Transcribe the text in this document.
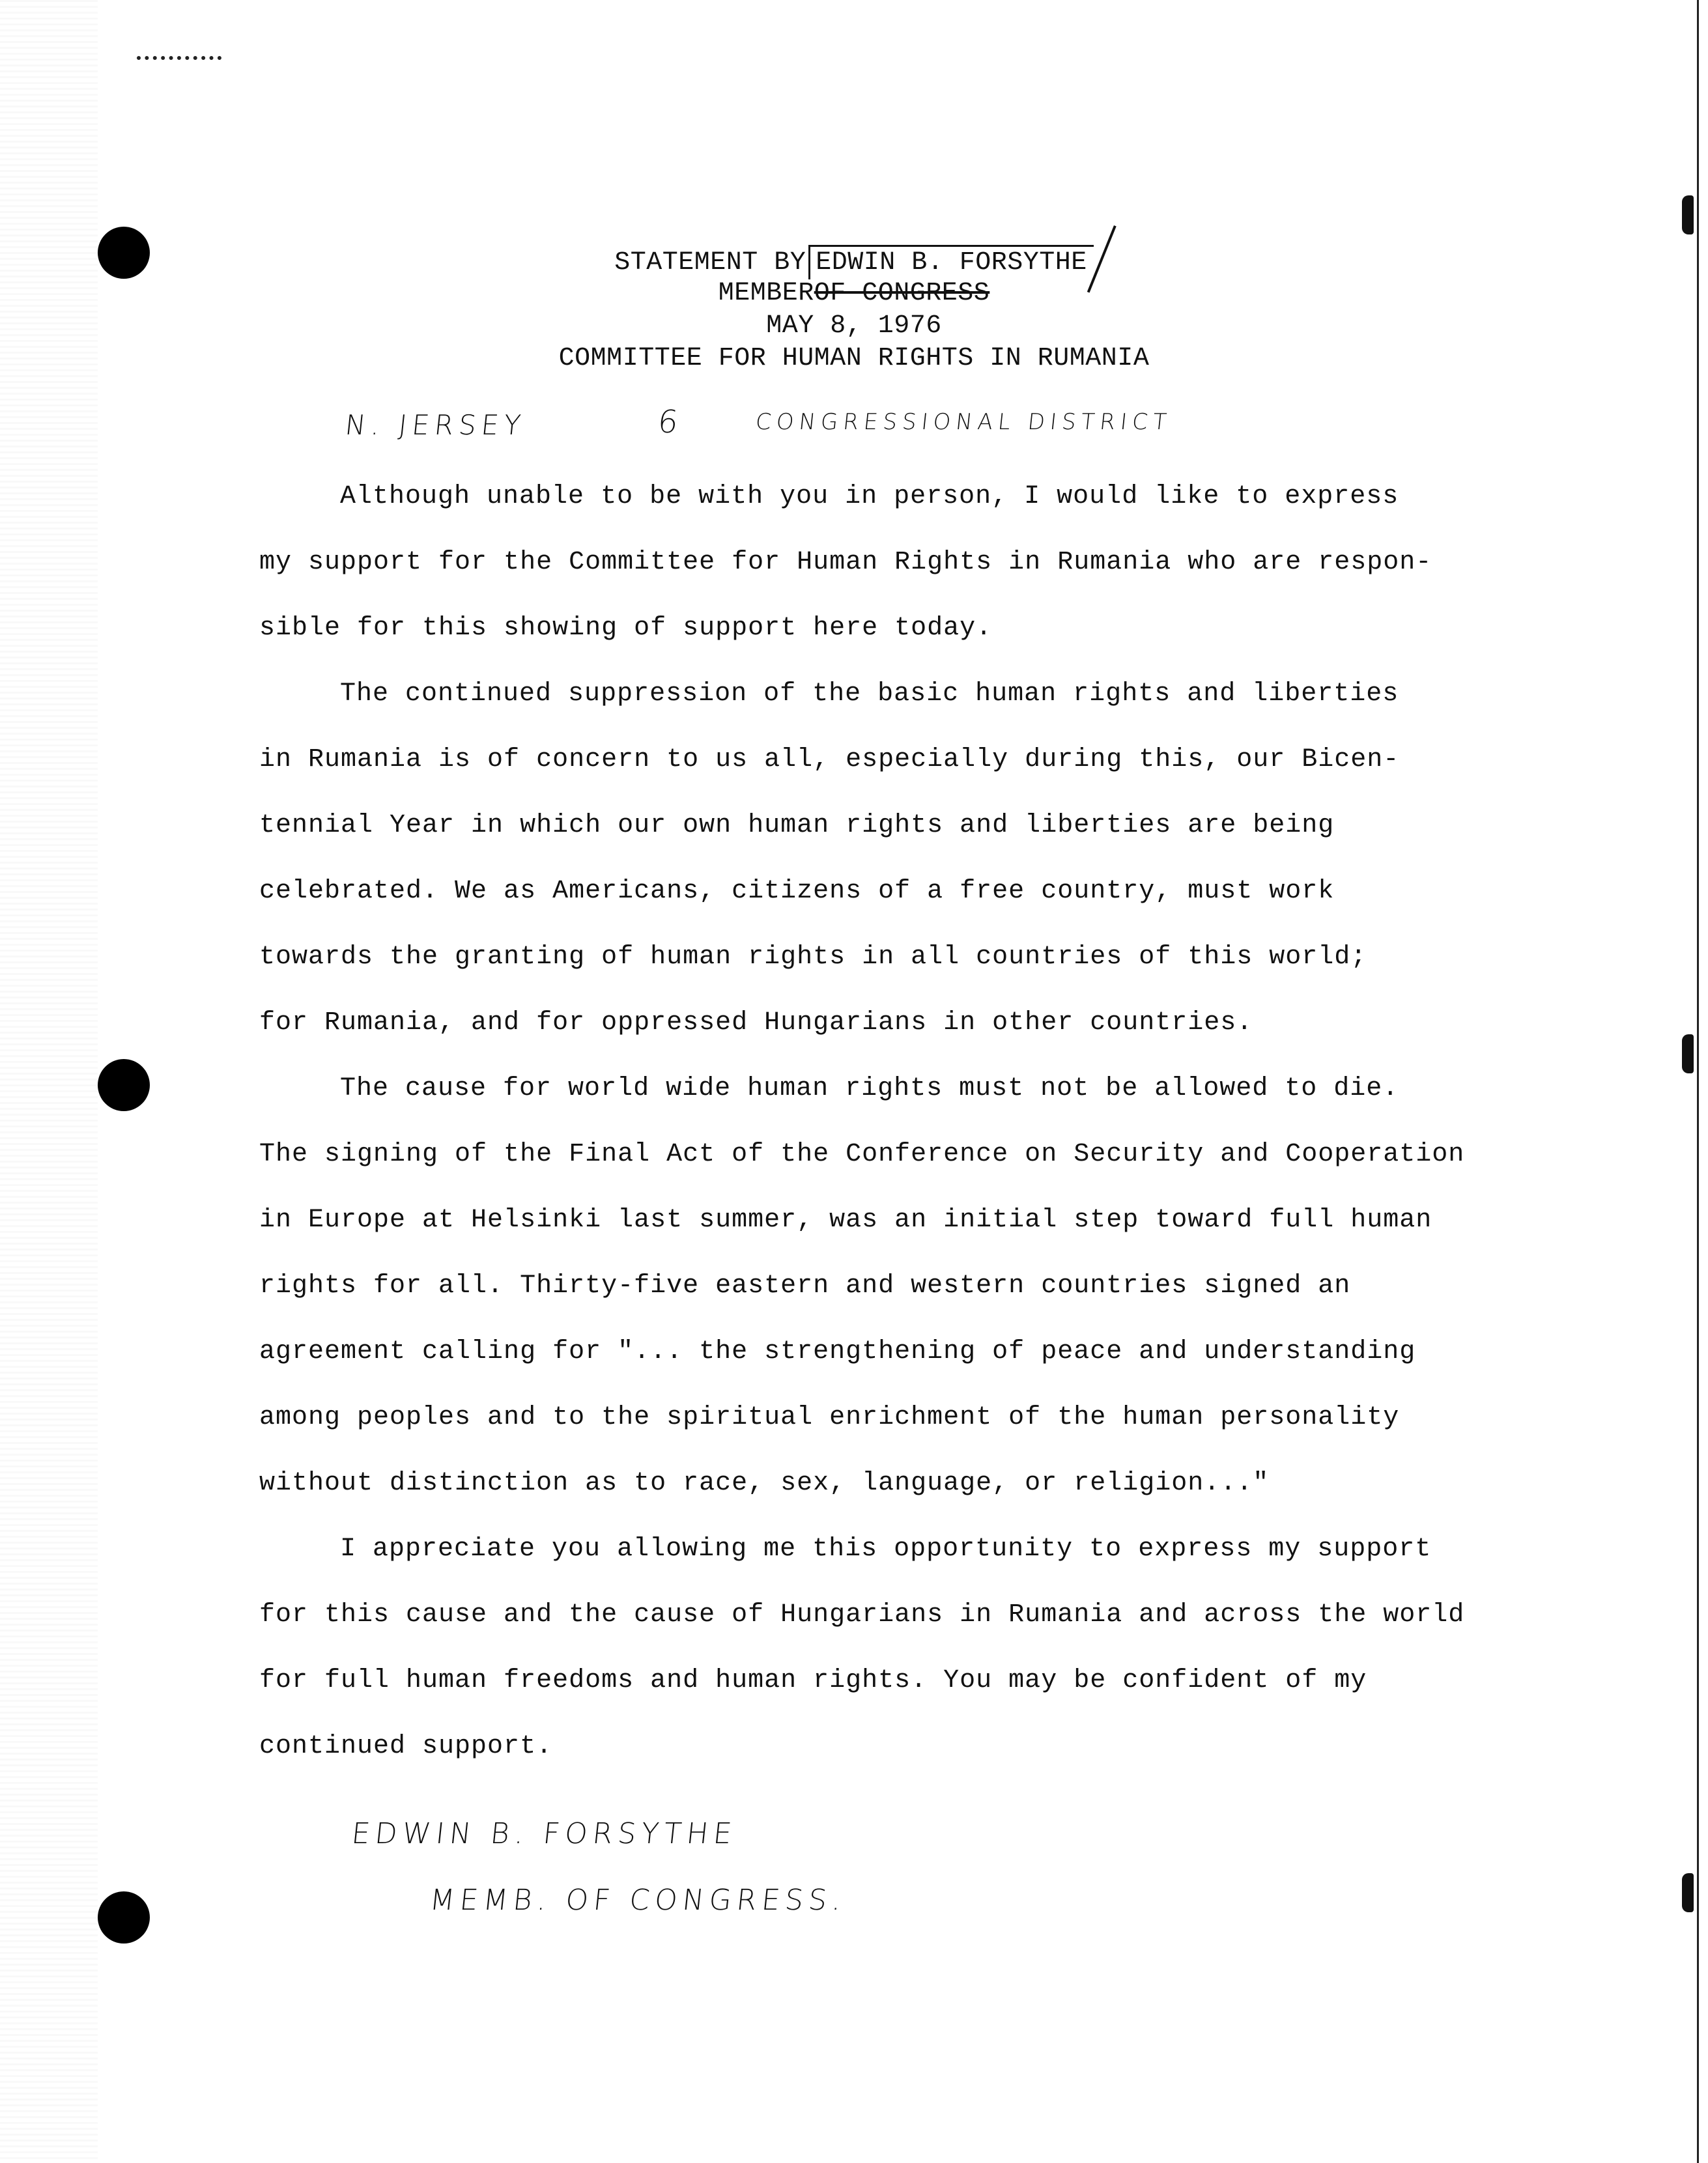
STATEMENT BY EDWIN B. FORSYTHE
MEMBEROF CONGRESS
MAY 8, 1976
COMMITTEE FOR HUMAN RIGHTS IN RUMANIA
N. JERSEY	6	CONGRESSIONAL DISTRICT

Although unable to be with you in person, I would like to express
my support for the Committee for Human Rights in Rumania who are respon-
sible for this showing of support here today.

The continued suppression of the basic human rights and liberties
in Rumania is of concern to us all, especially during this, our Bicen-
tennial Year in which our own human rights and liberties are being
celebrated. We as Americans, citizens of a free country, must work
towards the granting of human rights in all countries of this world;
for Rumania, and for oppressed Hungarians in other countries.

The cause for world wide human rights must not be allowed to die.
The signing of the Final Act of the Conference on Security and Cooperation
in Europe at Helsinki last summer, was an initial step toward full human
rights for all. Thirty-five eastern and western countries signed an
agreement calling for "... the strengthening of peace and understanding
among peoples and to the spiritual enrichment of the human personality
without distinction as to race, sex, language, or religion..."

I appreciate you allowing me this opportunity to express my support
for this cause and the cause of Hungarians in Rumania and across the world
for full human freedoms and human rights. You may be confident of my
continued support.

EDWIN B. FORSYTHE
MEMB. OF CONGRESS.
